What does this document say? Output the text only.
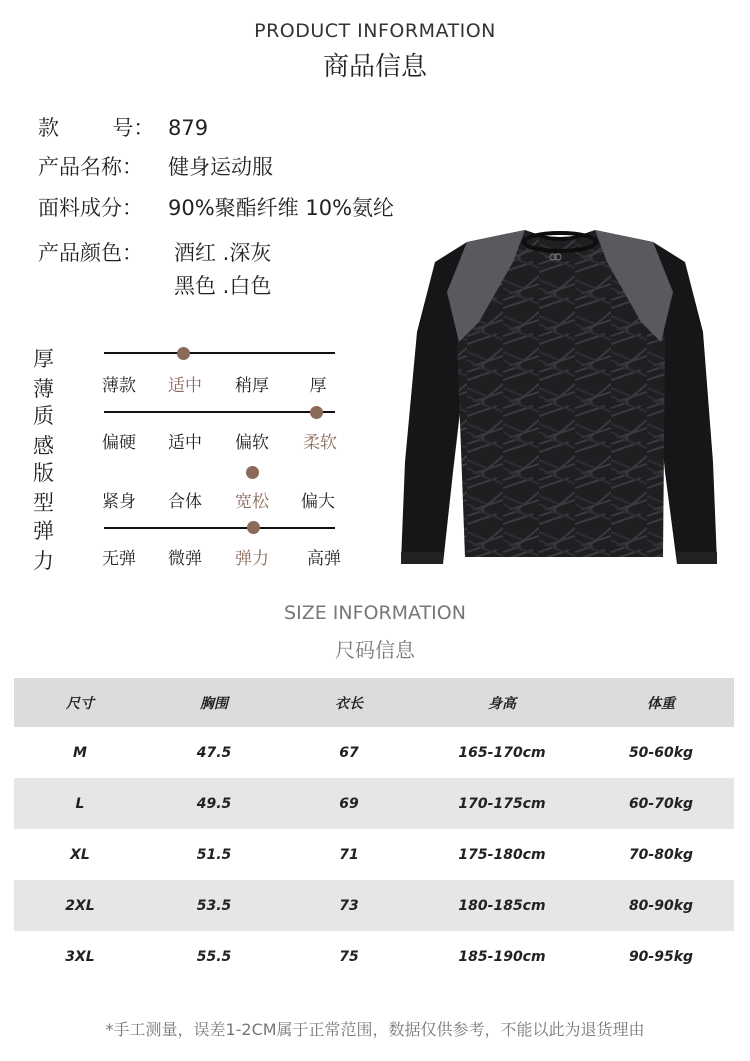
PRODUCT INFORMATION
商品信息
款        号： 879
产品名称： 健身运动服
面料成分： 90%聚酯纤维 10%氨纶
产品颜色： 酒红 .深灰
黑色 .白色
厚薄	薄款	适中	稍厚	厚
质感	偏硬	适中	偏软	柔软
版型	紧身	合体	宽松	偏大
弹力	无弹	微弹	弹力	高弹
SIZE INFORMATION
尺码信息
尺寸	胸围	衣长	身高	体重
M	47.5	67	165-170cm	50-60kg
L	49.5	69	170-175cm	60-70kg
XL	51.5	71	175-180cm	70-80kg
2XL	53.5	73	180-185cm	80-90kg
3XL	55.5	75	185-190cm	90-95kg
*手工测量，误差1-2CM属于正常范围，数据仅供参考，不能以此为退货理由
